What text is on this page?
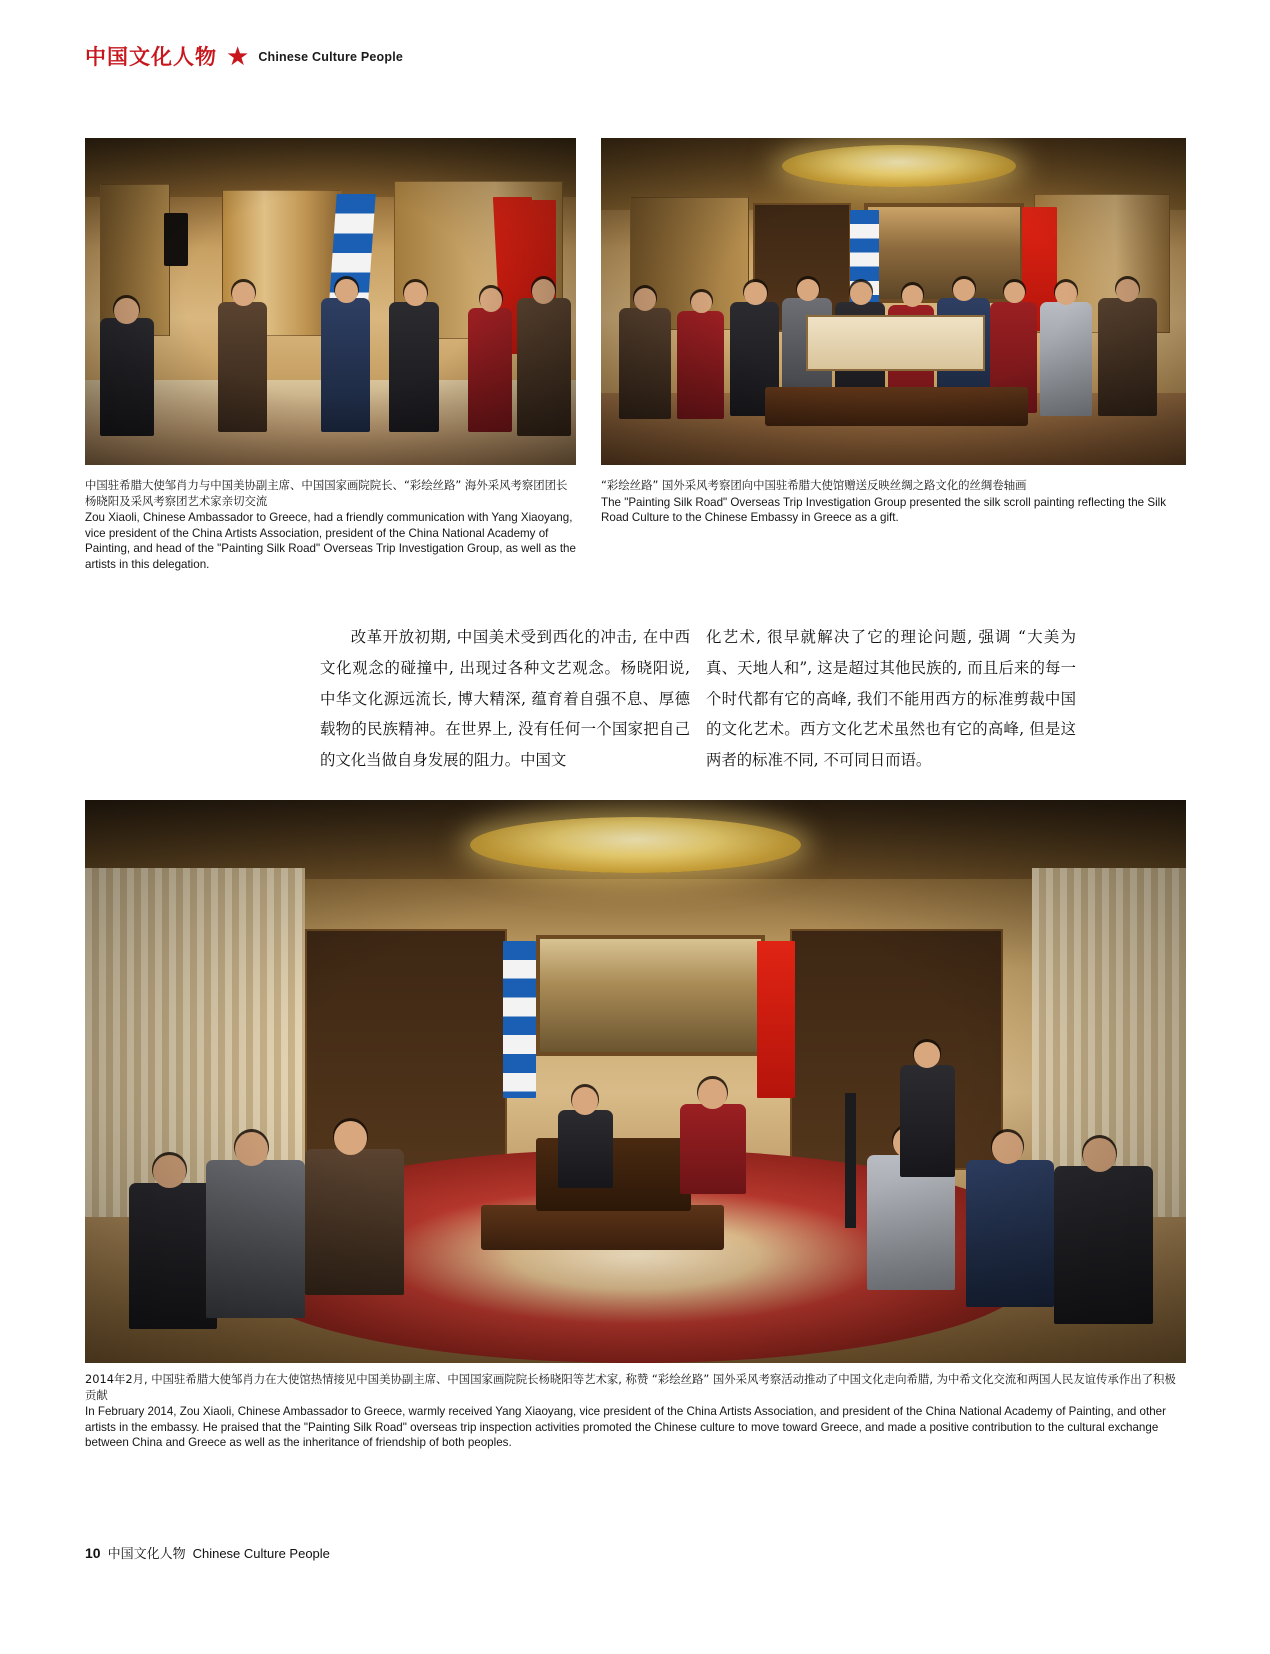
中国文化人物 ★ Chinese Culture People
中国驻希腊大使邹肖力与中国美协副主席、中国国家画院院长、“彩绘丝路” 海外采风考察团团长杨晓阳及采风考察团艺术家亲切交流
Zou Xiaoli, Chinese Ambassador to Greece, had a friendly communication with Yang Xiaoyang, vice president of the China Artists Association, president of the China National Academy of Painting, and head of the "Painting Silk Road" Overseas Trip Investigation Group, as well as the artists in this delegation.
“彩绘丝路” 国外采风考察团向中国驻希腊大使馆赠送反映丝绸之路文化的丝绸卷轴画
The "Painting Silk Road" Overseas Trip Investigation Group presented the silk scroll painting reflecting the Silk Road Culture to the Chinese Embassy in Greece as a gift.
改革开放初期, 中国美术受到西化的冲击, 在中西文化观念的碰撞中, 出现过各种文艺观念。杨晓阳说, 中华文化源远流长, 博大精深, 蕴育着自强不息、厚德载物的民族精神。在世界上, 没有任何一个国家把自己的文化当做自身发展的阻力。中国文
化艺术, 很早就解决了它的理论问题, 强调 “大美为真、天地人和”, 这是超过其他民族的, 而且后来的每一个时代都有它的高峰, 我们不能用西方的标准剪裁中国的文化艺术。西方文化艺术虽然也有它的高峰, 但是这两者的标准不同, 不可同日而语。
2014年2月, 中国驻希腊大使邹肖力在大使馆热情接见中国美协副主席、中国国家画院院长杨晓阳等艺术家, 称赞 “彩绘丝路” 国外采风考察活动推动了中国文化走向希腊, 为中希文化交流和两国人民友谊传承作出了积极贡献
In February 2014, Zou Xiaoli, Chinese Ambassador to Greece, warmly received Yang Xiaoyang, vice president of the China Artists Association, and president of the China National Academy of Painting, and other artists in the embassy. He praised that the "Painting Silk Road" overseas trip inspection activities promoted the Chinese culture to move toward Greece, and made a positive contribution to the cultural exchange between China and Greece as well as the inheritance of friendship of both peoples.
10 中国文化人物 Chinese Culture People
